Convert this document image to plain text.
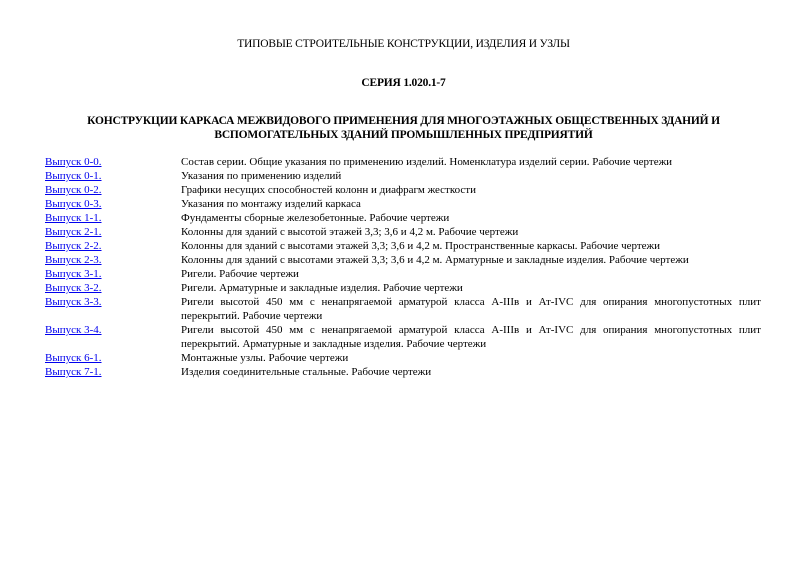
ТИПОВЫЕ СТРОИТЕЛЬНЫЕ КОНСТРУКЦИИ, ИЗДЕЛИЯ И УЗЛЫ
СЕРИЯ 1.020.1-7
КОНСТРУКЦИИ КАРКАСА МЕЖВИДОВОГО ПРИМЕНЕНИЯ ДЛЯ МНОГОЭТАЖНЫХ ОБЩЕСТВЕННЫХ ЗДАНИЙ И
ВСПОМОГАТЕЛЬНЫХ ЗДАНИЙ ПРОМЫШЛЕННЫХ ПРЕДПРИЯТИЙ
Выпуск 0-0.	Состав серии. Общие указания по применению изделий. Номенклатура изделий серии. Рабочие чертежи
Выпуск 0-1.	Указания по применению изделий
Выпуск 0-2.	Графики несущих способностей колонн и диафрагм жесткости
Выпуск 0-3.	Указания по монтажу изделий каркаса
Выпуск 1-1.	Фундаменты сборные железобетонные. Рабочие чертежи
Выпуск 2-1.	Колонны для зданий с высотой этажей 3,3; 3,6 и 4,2 м. Рабочие чертежи
Выпуск 2-2.	Колонны для зданий с высотами этажей 3,3; 3,6 и 4,2 м. Пространственные каркасы. Рабочие чертежи
Выпуск 2-3.	Колонны для зданий с высотами этажей 3,3; 3,6 и 4,2 м. Арматурные и закладные изделия. Рабочие чертежи
Выпуск 3-1.	Ригели. Рабочие чертежи
Выпуск 3-2.	Ригели. Арматурные и закладные изделия. Рабочие чертежи
Выпуск 3-3.	Ригели высотой 450 мм с ненапрягаемой арматурой класса А-IIIв и Ат-IVС для опирания многопустотных плит перекрытий. Рабочие чертежи
Выпуск 3-4.	Ригели высотой 450 мм с ненапрягаемой арматурой класса А-IIIв и Ат-IVС для опирания многопустотных плит перекрытий. Арматурные и закладные изделия. Рабочие чертежи
Выпуск 6-1.	Монтажные узлы. Рабочие чертежи
Выпуск 7-1.	Изделия соединительные стальные. Рабочие чертежи
